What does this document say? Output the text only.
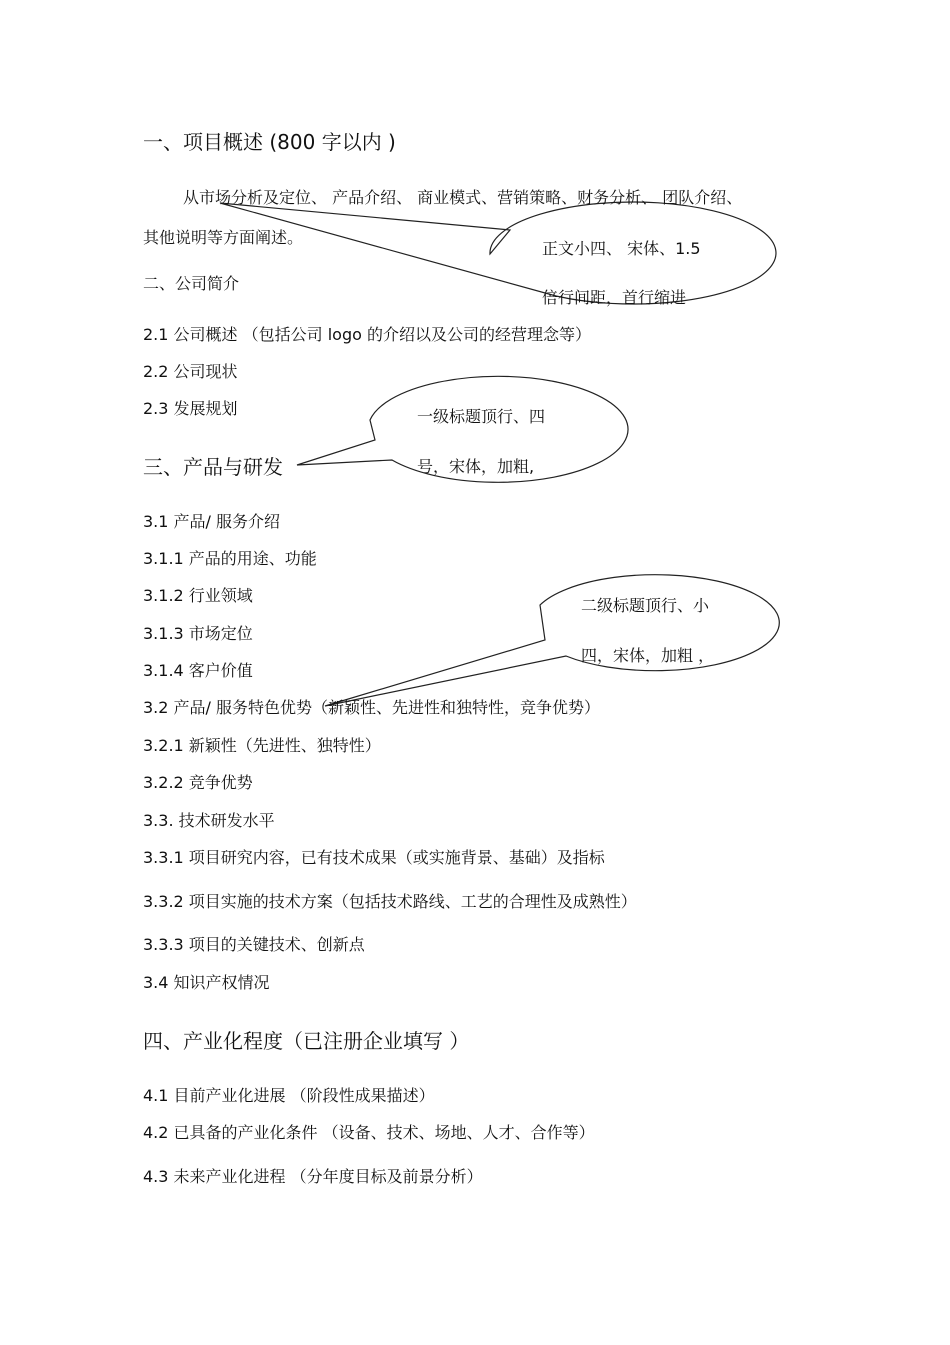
一、项目概述 (800 字以内 )
从市场分析及定位、 产品介绍、 商业模式、营销策略、财务分析、 团队介绍、
其他说明等方面阐述。
二、公司简介
2.1 公司概述 （包括公司 logo 的介绍以及公司的经营理念等）
2.2 公司现状
2.3 发展规划
三、产品与研发
3.1 产品/ 服务介绍
3.1.1 产品的用途、功能
3.1.2 行业领域
3.1.3 市场定位
3.1.4 客户价值
3.2 产品/ 服务特色优势（新颖性、先进性和独特性，竞争优势）
3.2.1 新颖性（先进性、独特性）
3.2.2 竞争优势
3.3. 技术研发水平
3.3.1 项目研究内容，已有技术成果（或实施背景、基础）及指标
3.3.2 项目实施的技术方案（包括技术路线、工艺的合理性及成熟性）
3.3.3 项目的关键技术、创新点
3.4 知识产权情况
四、产业化程度（已注册企业填写 ）
4.1 目前产业化进展 （阶段性成果描述）
4.2 已具备的产业化条件 （设备、技术、场地、人才、合作等）
4.3 未来产业化进程 （分年度目标及前景分析）
正文小四、 宋体、1.5
倍行间距，首行缩进
一级标题顶行、四
号，宋体，加粗,
二级标题顶行、小
四，宋体，加粗 ，
